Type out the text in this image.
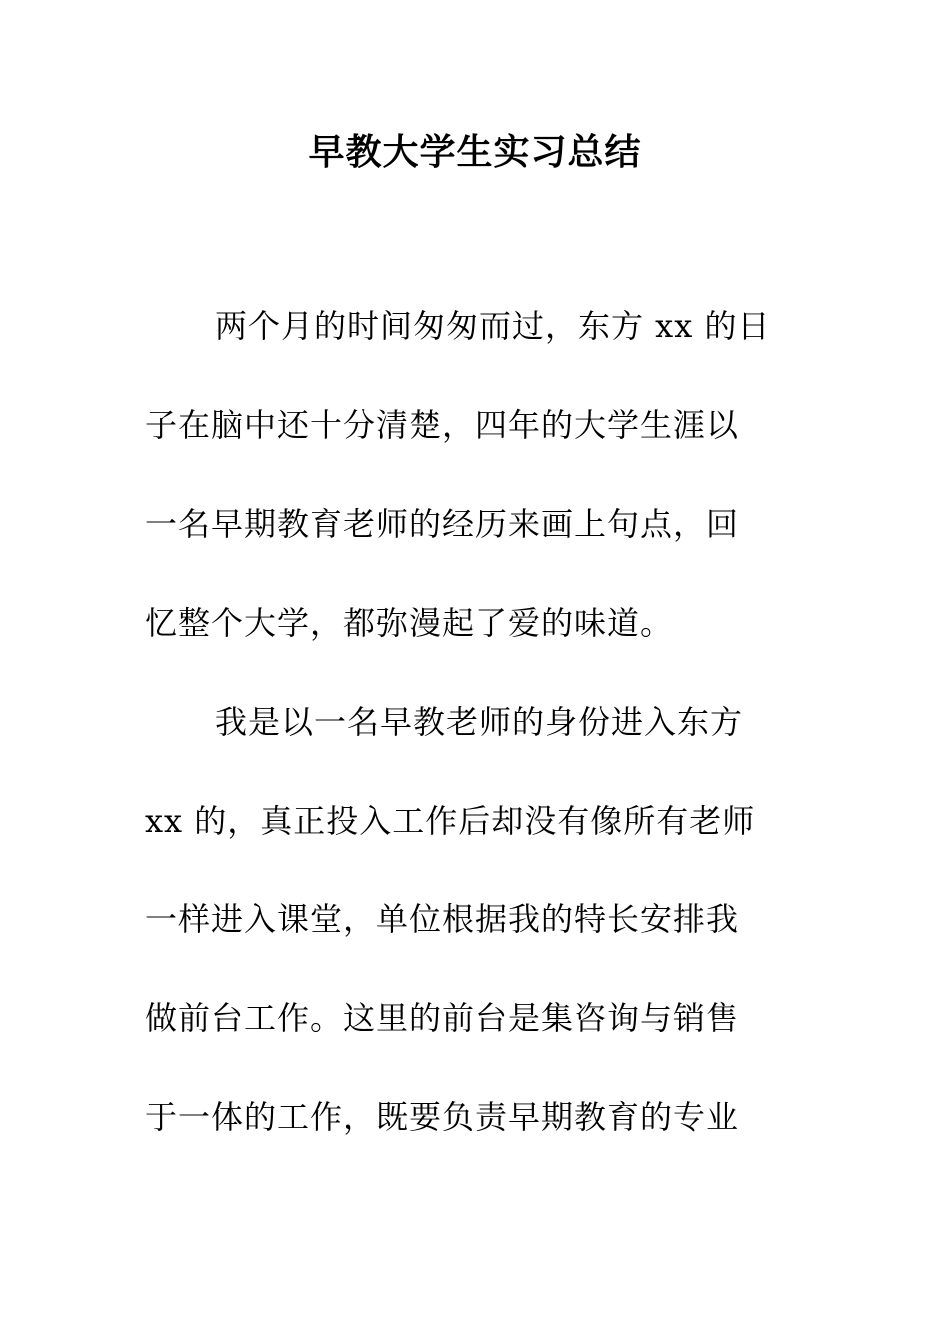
早教大学生实习总结
两个月的时间匆匆而过，东方 xx 的日
子在脑中还十分清楚，四年的大学生涯以
一名早期教育老师的经历来画上句点，回
忆整个大学，都弥漫起了爱的味道。
我是以一名早教老师的身份进入东方
xx 的，真正投入工作后却没有像所有老师
一样进入课堂，单位根据我的特长安排我
做前台工作。这里的前台是集咨询与销售
于一体的工作，既要负责早期教育的专业
